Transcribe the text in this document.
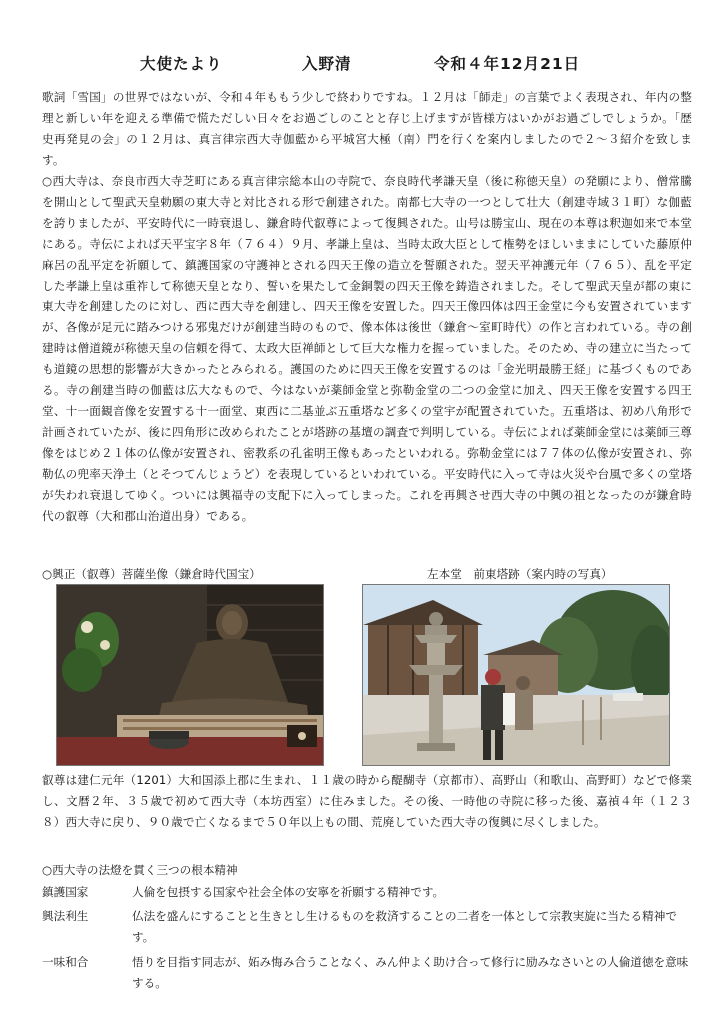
大使たより	入野清	令和４年12月21日

歌詞「雪国」の世界ではないが、令和４年ももう少しで終わりですね。１２月は「師走」の言葉でよく表現され、年内の整理と新しい年を迎える準備で慌ただしい日々をお過ごしのことと存じ上げますが皆様方はいかがお過ごしでしょうか。「歴史再発見の会」の１２月は、真言律宗西大寺伽藍から平城宮大極（南）門を行くを案内しましたので２～３紹介を致します。

○西大寺は、奈良市西大寺芝町にある真言律宗総本山の寺院で、奈良時代孝謙天皇（後に称徳天皇）の発願により、僧常騰を開山として聖武天皇勅願の東大寺と対比される形で創建された。南都七大寺の一つとして壮大（創建寺域３１町）な伽藍を誇りましたが、平安時代に一時衰退し、鎌倉時代叡尊によって復興された。山号は勝宝山、現在の本尊は釈迦如来で本堂にある。寺伝によれば天平宝字８年（７６４）９月、孝謙上皇は、当時太政大臣として権勢をほしいままにしていた藤原仲麻呂の乱平定を祈願して、鎮護国家の守護神とされる四天王像の造立を誓願された。翌天平神護元年（７６５）、乱を平定した孝謙上皇は重祚して称徳天皇となり、誓いを果たして金銅製の四天王像を鋳造されました。そして聖武天皇が都の東に東大寺を創建したのに対し、西に西大寺を創建し、四天王像を安置した。四天王像四体は四王金堂に今も安置されていますが、各像が足元に踏みつける邪鬼だけが創建当時のもので、像本体は後世（鎌倉～室町時代）の作と言われている。寺の創建時は僧道鏡が称徳天皇の信頼を得て、太政大臣禅師として巨大な権力を握っていました。そのため、寺の建立に当たっても道鏡の思想的影響が大きかったとみられる。護国のために四天王像を安置するのは「金光明最勝王経」に基づくものである。寺の創建当時の伽藍は広大なもので、今はないが薬師金堂と弥勒金堂の二つの金堂に加え、四天王像を安置する四王堂、十一面観音像を安置する十一面堂、東西に二基並ぶ五重塔など多くの堂宇が配置されていた。五重塔は、初め八角形で計画されていたが、後に四角形に改められたことが塔跡の基壇の調査で判明している。寺伝によれば薬師金堂には薬師三尊像をはじめ２１体の仏像が安置され、密教系の孔雀明王像もあったといわれる。弥勒金堂には７７体の仏像が安置され、弥勒仏の兜率天浄土（とそつてんじょうど）を表現しているといわれている。平安時代に入って寺は火災や台風で多くの堂塔が失われ衰退してゆく。ついには興福寺の支配下に入ってしまった。これを再興させ西大寺の中興の祖となったのが鎌倉時代の叡尊（大和郡山治道出身）である。

○興正（叡尊）菩薩坐像（鎌倉時代国宝）	左本堂　前東塔跡（案内時の写真）

叡尊は建仁元年（1201）大和国添上郡に生まれ、１１歳の時から醍醐寺（京都市）、高野山（和歌山、高野町）などで修業し、文暦２年、３５歳で初めて西大寺（本坊西室）に住みました。その後、一時他の寺院に移った後、嘉禎４年（１２３８）西大寺に戻り、９０歳で亡くなるまで５０年以上もの間、荒廃していた西大寺の復興に尽くしました。

○西大寺の法燈を貫く三つの根本精神
鎮護国家	人倫を包摂する国家や社会全体の安寧を祈願する精神です。
興法利生	仏法を盛んにすることと生きとし生けるものを救済することの二者を一体として宗教実旋に当たる精神です。
一味和合	悟りを目指す同志が、妬み悔み合うことなく、みん仲よく助け合って修行に励みなさいとの人倫道徳を意味する。
